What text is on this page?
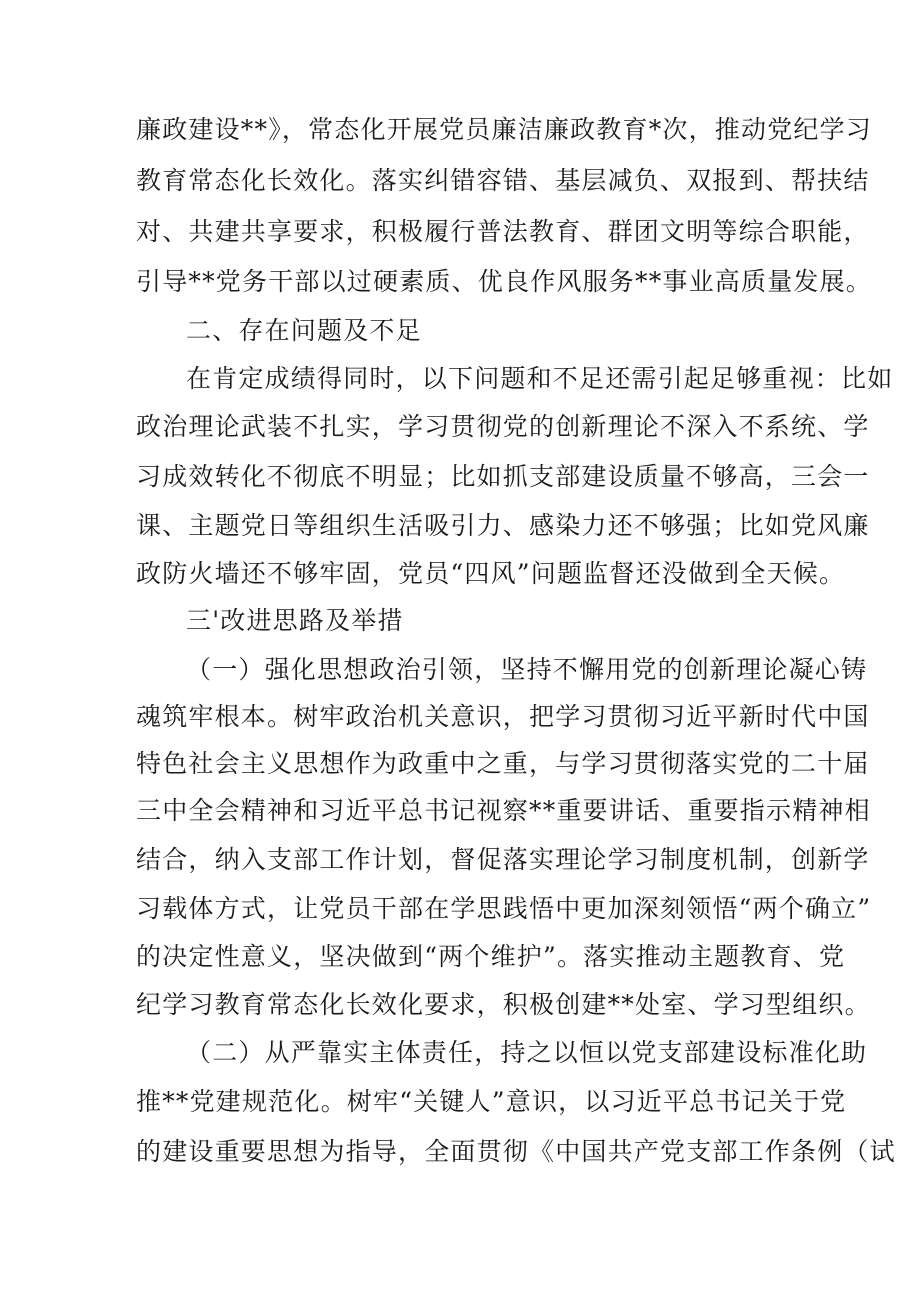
廉政建设**》，常态化开展党员廉洁廉政教育*次，推动党纪学习
教育常态化长效化。落实纠错容错、基层减负、双报到、帮扶结
对、共建共享要求，积极履行普法教育、群团文明等综合职能，
引导**党务干部以过硬素质、优良作风服务**事业高质量发展。
二、存在问题及不足
在肯定成绩得同时，以下问题和不足还需引起足够重视：比如
政治理论武装不扎实，学习贯彻党的创新理论不深入不系统、学
习成效转化不彻底不明显；比如抓支部建设质量不够高，三会一
课、主题党日等组织生活吸引力、感染力还不够强；比如党风廉
政防火墙还不够牢固，党员“四风”问题监督还没做到全天候。
三'改进思路及举措
（一）强化思想政治引领，坚持不懈用党的创新理论凝心铸
魂筑牢根本。树牢政治机关意识，把学习贯彻习近平新时代中国
特色社会主义思想作为政重中之重，与学习贯彻落实党的二十届
三中全会精神和习近平总书记视察**重要讲话、重要指示精神相
结合，纳入支部工作计划，督促落实理论学习制度机制，创新学
习载体方式，让党员干部在学思践悟中更加深刻领悟“两个确立”
的决定性意义，坚决做到“两个维护”。落实推动主题教育、党
纪学习教育常态化长效化要求，积极创建**处室、学习型组织。
（二）从严靠实主体责任，持之以恒以党支部建设标准化助
推**党建规范化。树牢“关键人”意识，以习近平总书记关于党
的建设重要思想为指导，全面贯彻《中国共产党支部工作条例（试
